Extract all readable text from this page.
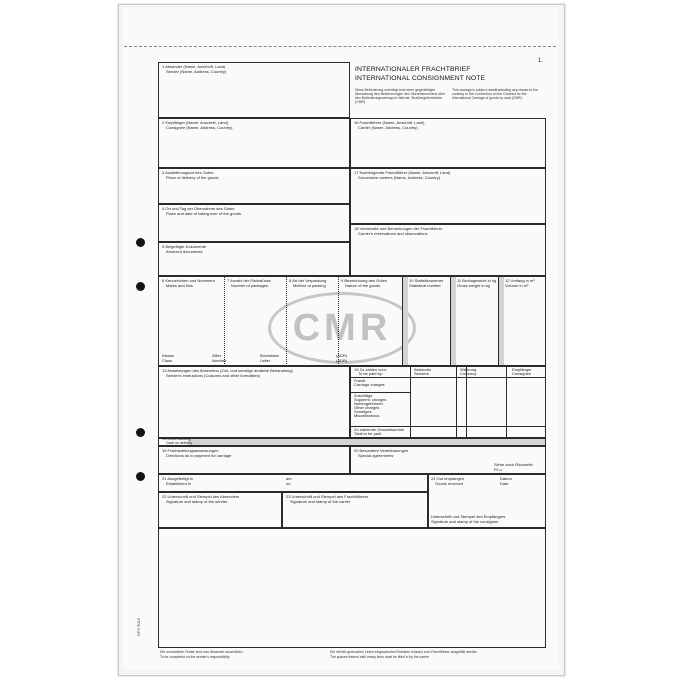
1.
CMR
1 Absender (Name, Anschrift, Land)
Sender (Name, Address, Country)	INTERNATIONALER FRACHTBRIEF
INTERNATIONAL CONSIGNMENT NOTE
Diese Beförderung unterliegt trotz einer gegenteiligen Abmachung den Bestimmungen des Übereinkommens über den Beförderungsvertrag im internat. Straßengüterverkehr (CMR).
This carriage is subject notwithstanding any clause to the contrary to the Convention on the Contract for the International Carriage of goods by road (CMR).
2 Empfänger (Name, Anschrift, Land)
Consignee (Name, Address, Country)
16 Frachtführer (Name, Anschrift, Land)
Carrier (Name, Address, Country)
3 Auslieferungsort des Gutes
Place of delivery of the goods
17 Nachfolgende Frachtführer (Name, Anschrift, Land)
Successive carriers (Name, Address, Country)
4 Ort und Tag der Übernahme des Gutes
Place and date of taking over of the goods
5 Beigefügte Dokumente
Annexed documents
18 Vorbehalte und Bemerkungen der Frachtführer
Carrier's reservations and observations
6 Kennzeichen und Nummern
Marks and Nos
7 Anzahl der Packstücke
Number of packages
8 Art der Verpackung
Method of packing
9 Bezeichnung des Gutes
Nature of the goods
10 Statistiknummer
Statistical number
11 Bruttogewicht in kg
Gross weight in kg
12 Umfang in m³
Volume in m³
Klasse
Class
Ziffer
Number
Buchstabe
Letter
(ADR)
(ADR)
13 Anweisungen des Absenders (Zoll- und sonstige amtliche Behandlung)
Sender's instructions (Customs and other formalities)
19 Zu zahlen vom:
To be paid by:
Absender
Senders
Währung
Currency
Empfänger
Consignee
Fracht
Carriage charges
Zuschläge
Supplem. charges
Nebengebühren
Other charges
Sonstiges
Miscellaneous
Zu zahlende Gesamtsumme
Total to be paid
14 Rückerstattung
Cash on delivery
15 Frachtzahlungsanweisungen
Directions as to payment for carriage
20 Besondere Vereinbarungen
Special agreements
Siehe auch Rückseite
P.t.o.
21 Ausgefertigt in
Established in
am
on
24 Gut empfangen
Goods received
Datum
Date
Unterschrift und Stempel des Empfängers
Signature and stamp of the consignee
22 Unterschrift und Stempel des Absenders
Signature and stamp of the sender
23 Unterschrift und Stempel des Frachtführers
Signature and stamp of the carrier
Die umrandeten Felder sind vom Absender auszufüllen.
To be completed on the sender's responsibility
Die mit fett gedruckten Linien eingerahmten Rubriken müssen vom Frachtführer ausgefüllt werden
The spaces framed with heavy lines must be filled in by the carrier
DFS 9016
